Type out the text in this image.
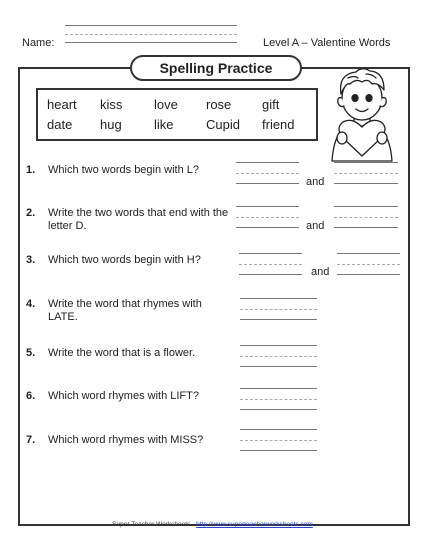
Name:	Level A – Valentine Words
Spelling Practice
heart kiss love rose gift
date hug like Cupid friend
1. Which two words begin with L?
and
2. Write the two words that end with the letter D.	and
3. Which two words begin with H?
and
4. Write the word that rhymes with LATE.
5. Write the word that is a flower.
6. Which word rhymes with LIFT?
7. Which word rhymes with MISS?
Super Teacher Worksheets - http://www.superteacherworksheets.com
